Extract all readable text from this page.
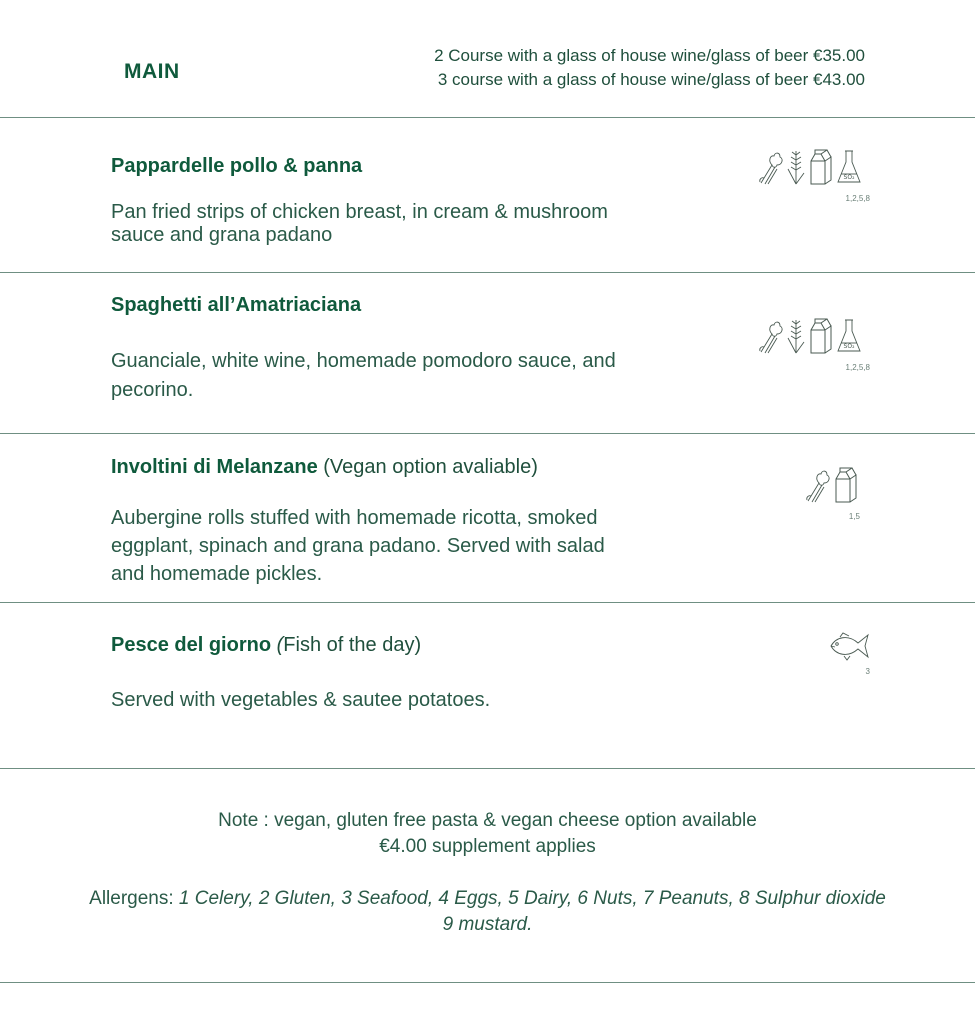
MAIN
2 Course with a glass of house wine/glass of beer €35.00
3 course with a glass of house wine/glass of beer €43.00
Pappardelle pollo & panna
Pan fried strips of chicken breast, in cream & mushroom
sauce and grana padano
SO₂
1,2,5,8
Spaghetti all’Amatriaciana
Guanciale, white wine, homemade pomodoro sauce, and
pecorino.
SO₂
1,2,5,8
Involtini di Melanzane (Vegan option avaliable)
Aubergine rolls stuffed with homemade ricotta, smoked
eggplant, spinach and grana padano. Served with salad
and homemade pickles.
1,5
Pesce del giorno (Fish of the day)
Served with vegetables & sautee potatoes.
3
Note : vegan, gluten free pasta & vegan cheese option available
€4.00 supplement applies
Allergens: 1 Celery, 2 Gluten, 3 Seafood, 4 Eggs, 5 Dairy, 6 Nuts, 7 Peanuts, 8 Sulphur dioxide
9 mustard.
